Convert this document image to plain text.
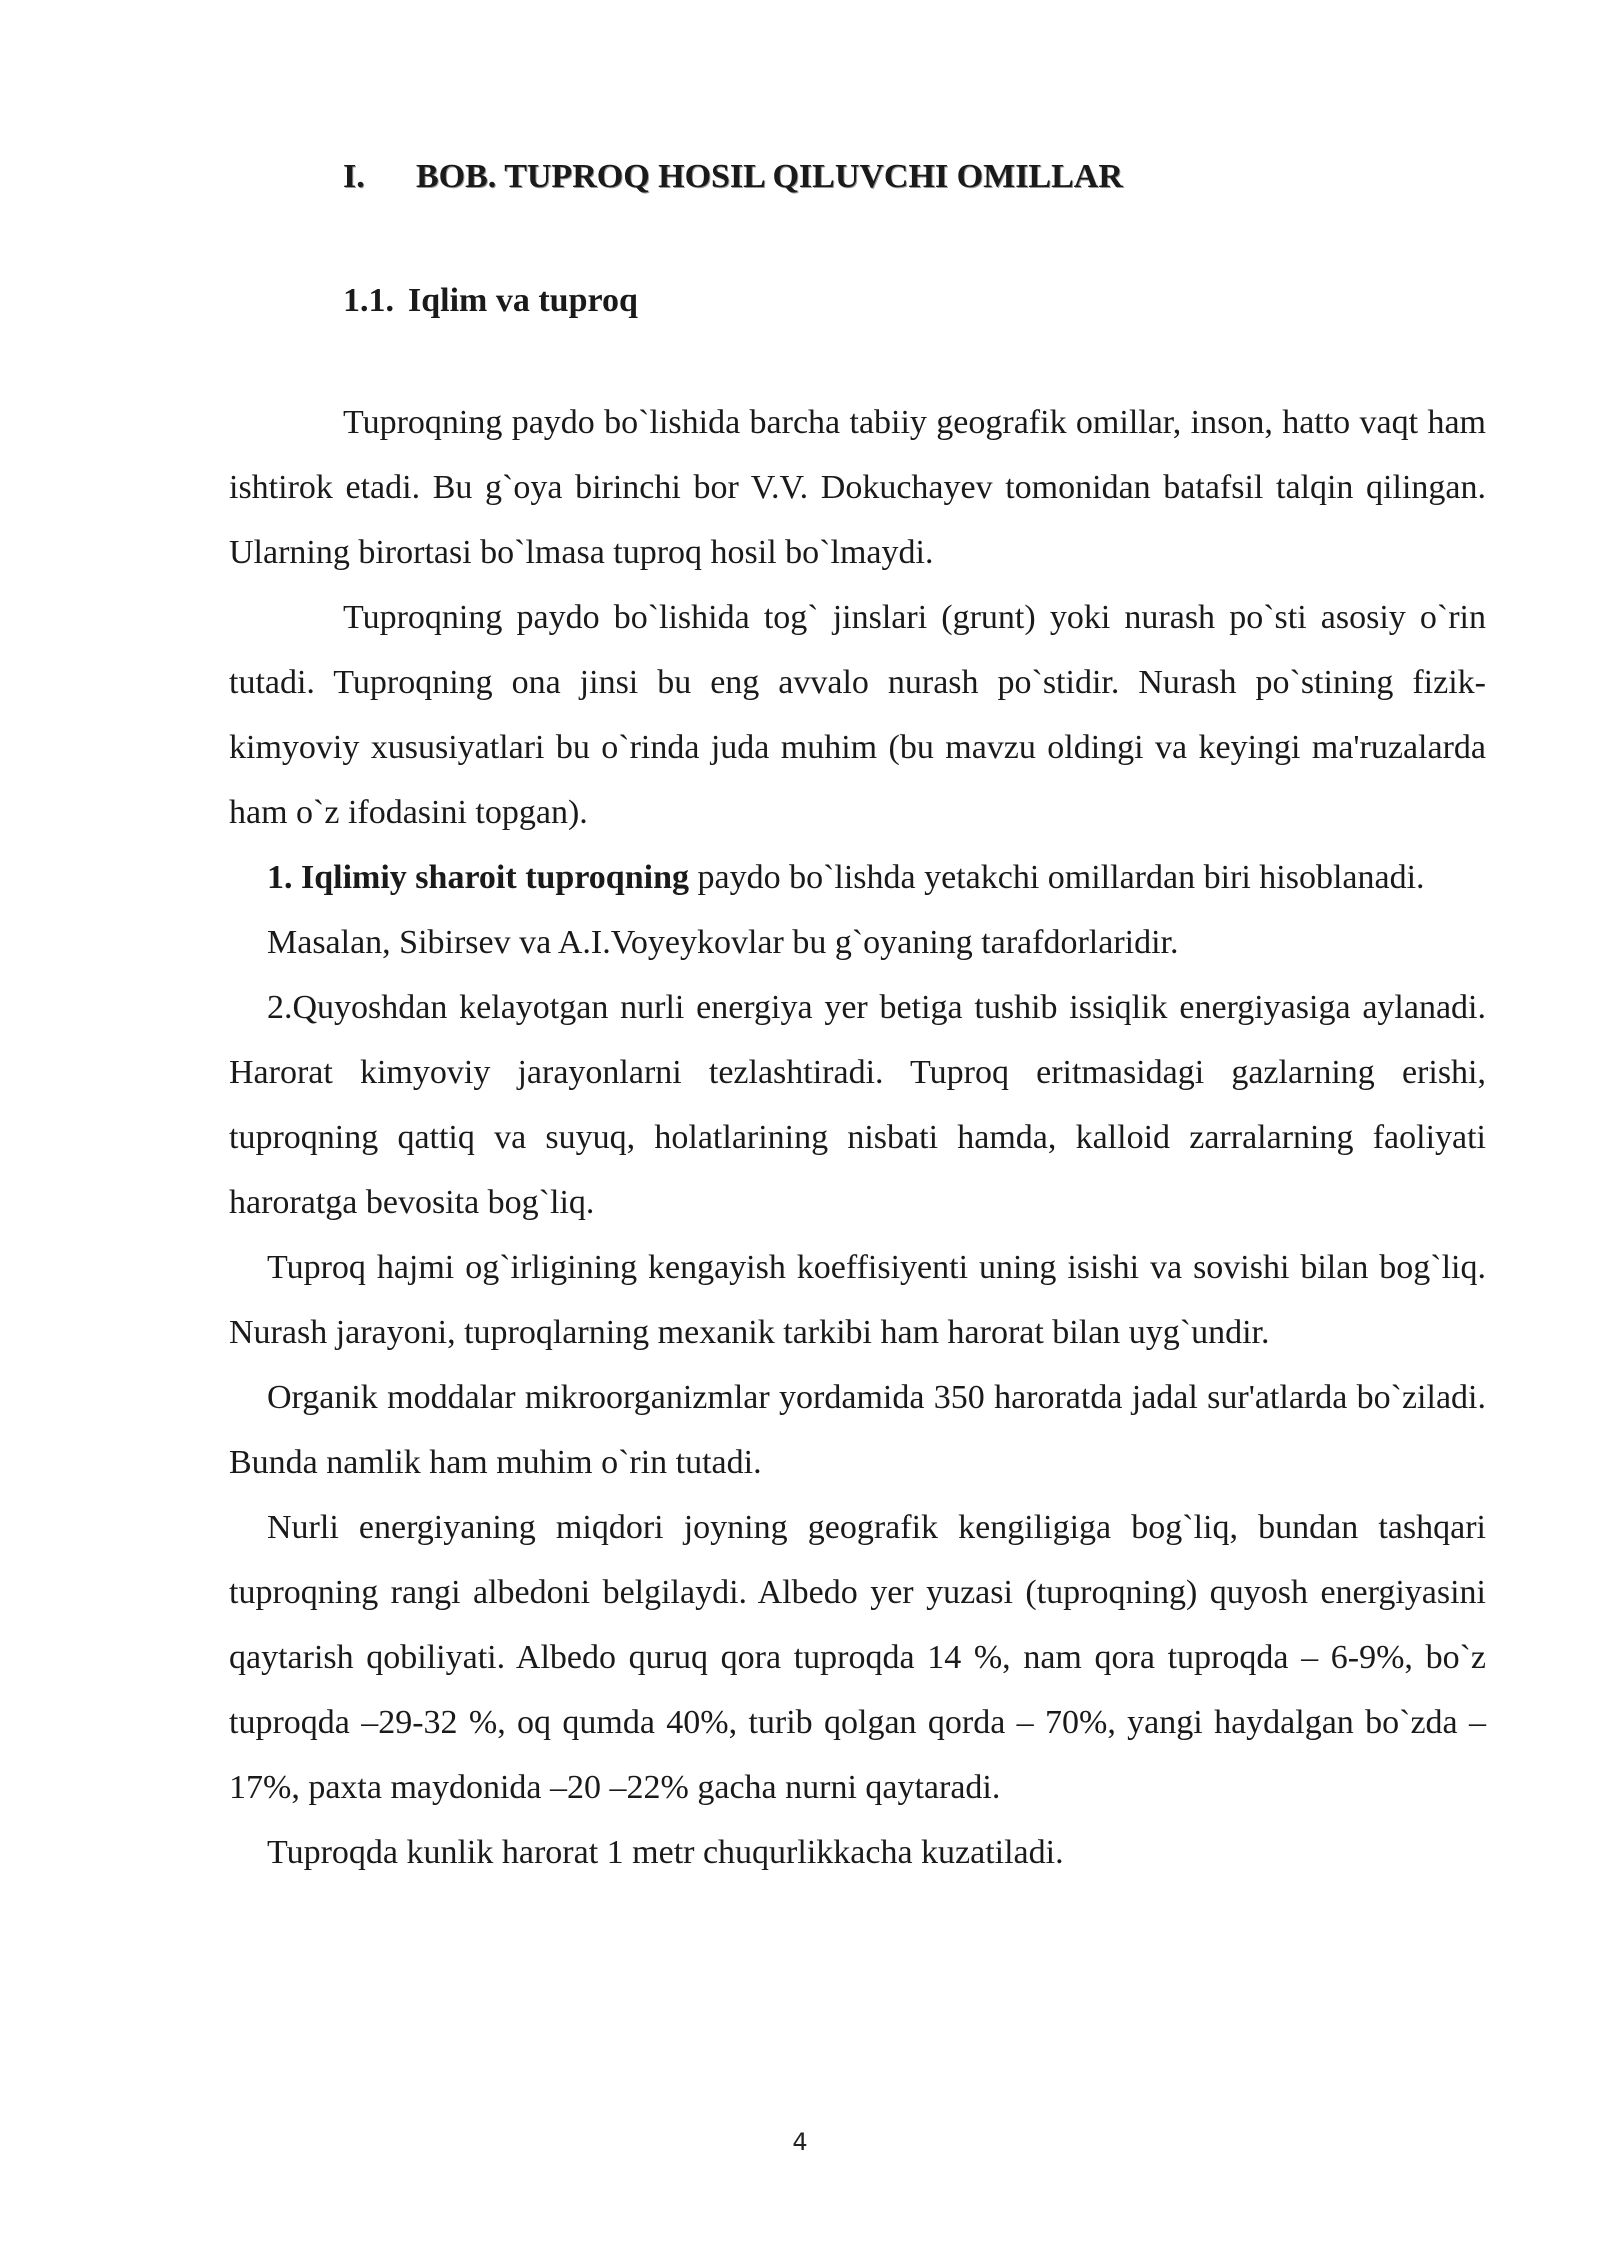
I. BOB. TUPROQ HOSIL QILUVCHI OMILLAR
1.1. Iqlim va tuproq

Tuproqning paydo bo`lishida barcha tabiiy geografik omillar, inson, hatto vaqt ham ishtirok etadi. Bu g`oya birinchi bor V.V. Dokuchayev tomonidan batafsil talqin qilingan. Ularning birortasi bo`lmasa tuproq hosil bo`lmaydi.

Tuproqning paydo bo`lishida tog` jinslari (grunt) yoki nurash po`sti asosiy o`rin tutadi. Tuproqning ona jinsi bu eng avvalo nurash po`stidir. Nurash po`stining fizik-kimyoviy xususiyatlari bu o`rinda juda muhim (bu mavzu oldingi va keyingi ma'ruzalarda ham o`z ifodasini topgan).

1. Iqlimiy sharoit tuproqning paydo bo`lishda yetakchi omillardan biri hisoblanadi.

Masalan, Sibirsev va A.I.Voyeykovlar bu g`oyaning tarafdorlaridir.

2.Quyoshdan kelayotgan nurli energiya yer betiga tushib issiqlik energiyasiga aylanadi. Harorat kimyoviy jarayonlarni tezlashtiradi. Tuproq eritmasidagi gazlarning erishi, tuproqning qattiq va suyuq, holatlarining nisbati hamda, kalloid zarralarning faoliyati haroratga bevosita bog`liq.

Tuproq hajmi og`irligining kengayish koeffisiyenti uning isishi va sovishi bilan bog`liq. Nurash jarayoni, tuproqlarning mexanik tarkibi ham harorat bilan uyg`undir.

Organik moddalar mikroorganizmlar yordamida 350 haroratda jadal sur'atlarda bo`ziladi. Bunda namlik ham muhim o`rin tutadi.

Nurli energiyaning miqdori joyning geografik kengiligiga bog`liq, bundan tashqari tuproqning rangi albedoni belgilaydi. Albedo yer yuzasi (tuproqning) quyosh energiyasini qaytarish qobiliyati. Albedo quruq qora tuproqda 14 %, nam qora tuproqda – 6-9%, bo`z tuproqda –29-32 %, oq qumda 40%, turib qolgan qorda – 70%, yangi haydalgan bo`zda –17%, paxta maydonida –20 –22% gacha nurni qaytaradi.

Tuproqda kunlik harorat 1 metr chuqurlikkacha kuzatiladi.

4
